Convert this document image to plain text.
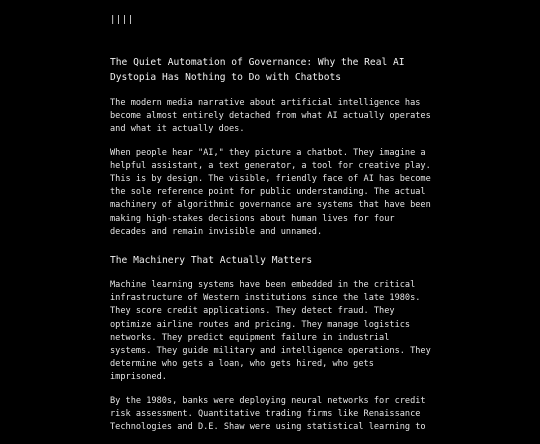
||||
The Quiet Automation of Governance: Why the Real AI Dystopia Has Nothing to Do with Chatbots

The modern media narrative about artificial intelligence has become almost entirely detached from what AI actually operates and what it actually does.

When people hear "AI," they picture a chatbot. They imagine a helpful assistant, a text generator, a tool for creative play. This is by design. The visible, friendly face of AI has become the sole reference point for public understanding. The actual machinery of algorithmic governance are systems that have been making high-stakes decisions about human lives for four decades and remain invisible and unnamed.

The Machinery That Actually Matters

Machine learning systems have been embedded in the critical infrastructure of Western institutions since the late 1980s. They score credit applications. They detect fraud. They optimize airline routes and pricing. They manage logistics networks. They predict equipment failure in industrial systems. They guide military and intelligence operations. They determine who gets a loan, who gets hired, who gets imprisoned.

By the 1980s, banks were deploying neural networks for credit risk assessment. Quantitative trading firms like Renaissance Technologies and D.E. Shaw were using statistical learning to
